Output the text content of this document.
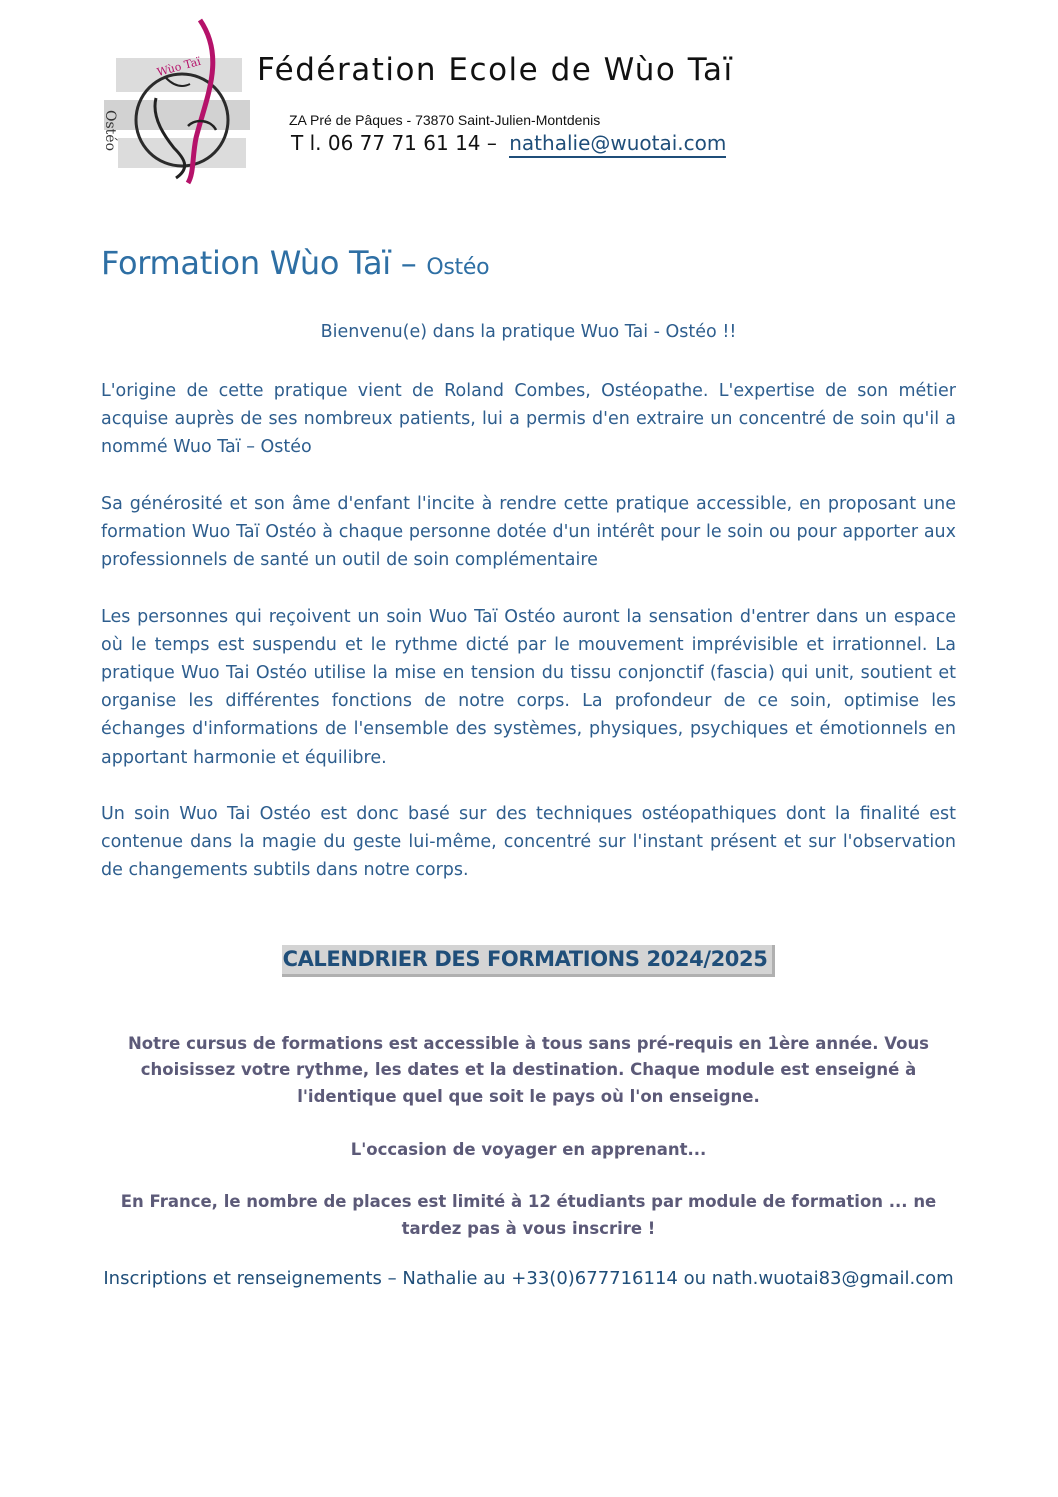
Wùo Taï
Ostéo
Fédération Ecole de Wùo Taï
ZA Pré de Pâques - 73870 Saint-Julien-Montdenis
T l. 06 77 71 61 14 – nathalie@wuotai.com
Formation Wùo Taï – Ostéo
Bienvenu(e) dans la pratique Wuo Tai - Ostéo !!

L'origine de cette pratique vient de Roland Combes, Ostéopathe. L'expertise de son métier acquise auprès de ses nombreux patients, lui a permis d'en extraire un concentré de soin qu'il a nommé Wuo Taï – Ostéo

Sa générosité et son âme d'enfant l'incite à rendre cette pratique accessible, en proposant une formation Wuo Taï Ostéo à chaque personne dotée d'un intérêt pour le soin ou pour apporter aux professionnels de santé un outil de soin complémentaire

Les personnes qui reçoivent un soin Wuo Taï Ostéo auront la sensation d'entrer dans un espace où le temps est suspendu et le rythme dicté par le mouvement imprévisible et irrationnel. La pratique Wuo Tai Ostéo utilise la mise en tension du tissu conjonctif (fascia) qui unit, soutient et organise les différentes fonctions de notre corps. La profondeur de ce soin, optimise les échanges d'informations de l'ensemble des systèmes, physiques, psychiques et émotionnels en apportant harmonie et équilibre.

Un soin Wuo Tai Ostéo est donc basé sur des techniques ostéopathiques dont la finalité est contenue dans la magie du geste lui-même, concentré sur l'instant présent et sur l'observation de changements subtils dans notre corps.

CALENDRIER DES FORMATIONS 2024/2025

Notre cursus de formations est accessible à tous sans pré-requis en 1ère année. Vous choisissez votre rythme, les dates et la destination. Chaque module est enseigné à l'identique quel que soit le pays où l'on enseigne.

L'occasion de voyager en apprenant...

En France, le nombre de places est limité à 12 étudiants par module de formation ... ne tardez pas à vous inscrire !

Inscriptions et renseignements – Nathalie au +33(0)677716114 ou nath.wuotai83@gmail.com
